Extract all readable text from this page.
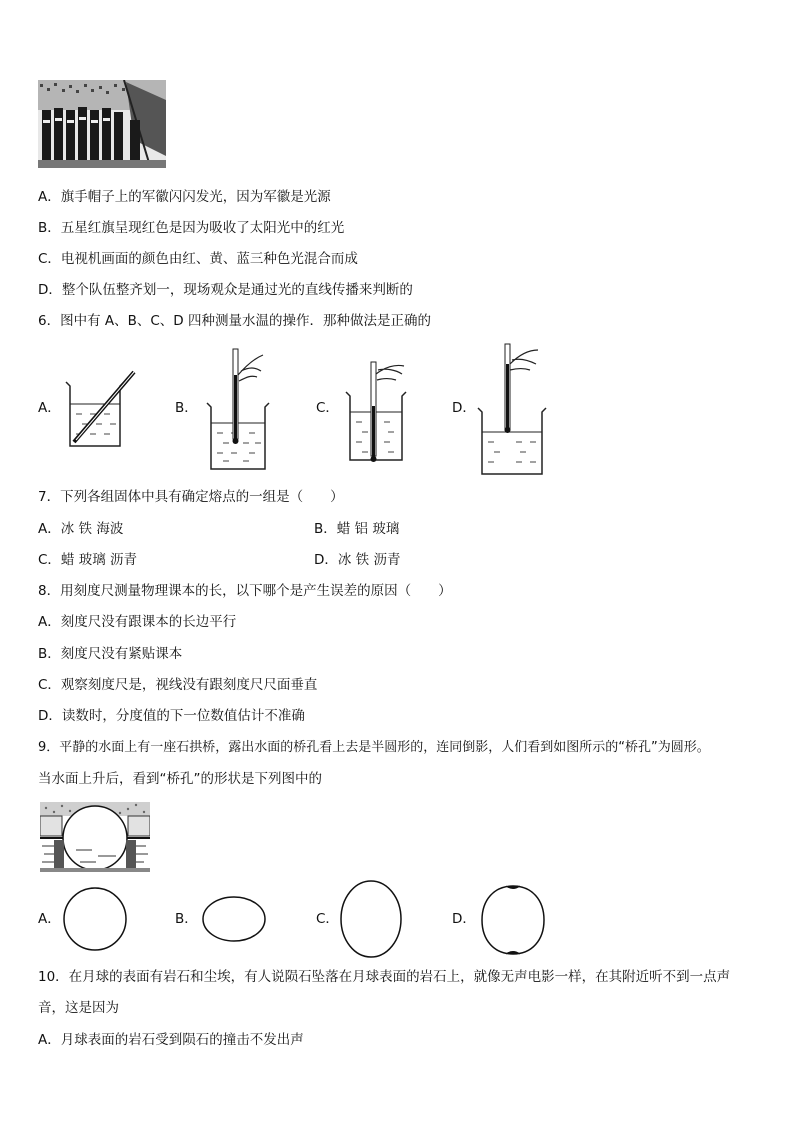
A．旗手帽子上的军徽闪闪发光，因为军徽是光源
B．五星红旗呈现红色是因为吸收了太阳光中的红光
C．电视机画面的颜色由红、黄、蓝三种色光混合而成
D．整个队伍整齐划一，现场观众是通过光的直线传播来判断的
6．图中有 A、B、C、D 四种测量水温的操作．那种做法是正确的
A．	B．	C．	D．
7．下列各组固体中具有确定熔点的一组是（　　）
A．冰 铁 海波	B．蜡 铝 玻璃
C．蜡 玻璃 沥青	D．冰 铁 沥青
8．用刻度尺测量物理课本的长，以下哪个是产生误差的原因（　　）
A．刻度尺没有跟课本的长边平行
B．刻度尺没有紧贴课本
C．观察刻度尺是，视线没有跟刻度尺尺面垂直
D．读数时，分度值的下一位数值估计不准确
9．平静的水面上有一座石拱桥，露出水面的桥孔看上去是半圆形的，连同倒影，人们看到如图所示的“桥孔”为圆形。
当水面上升后，看到“桥孔”的形状是下列图中的
A．	B．	C．	D．
10．在月球的表面有岩石和尘埃，有人说陨石坠落在月球表面的岩石上，就像无声电影一样，在其附近听不到一点声
音，这是因为
A．月球表面的岩石受到陨石的撞击不发出声
